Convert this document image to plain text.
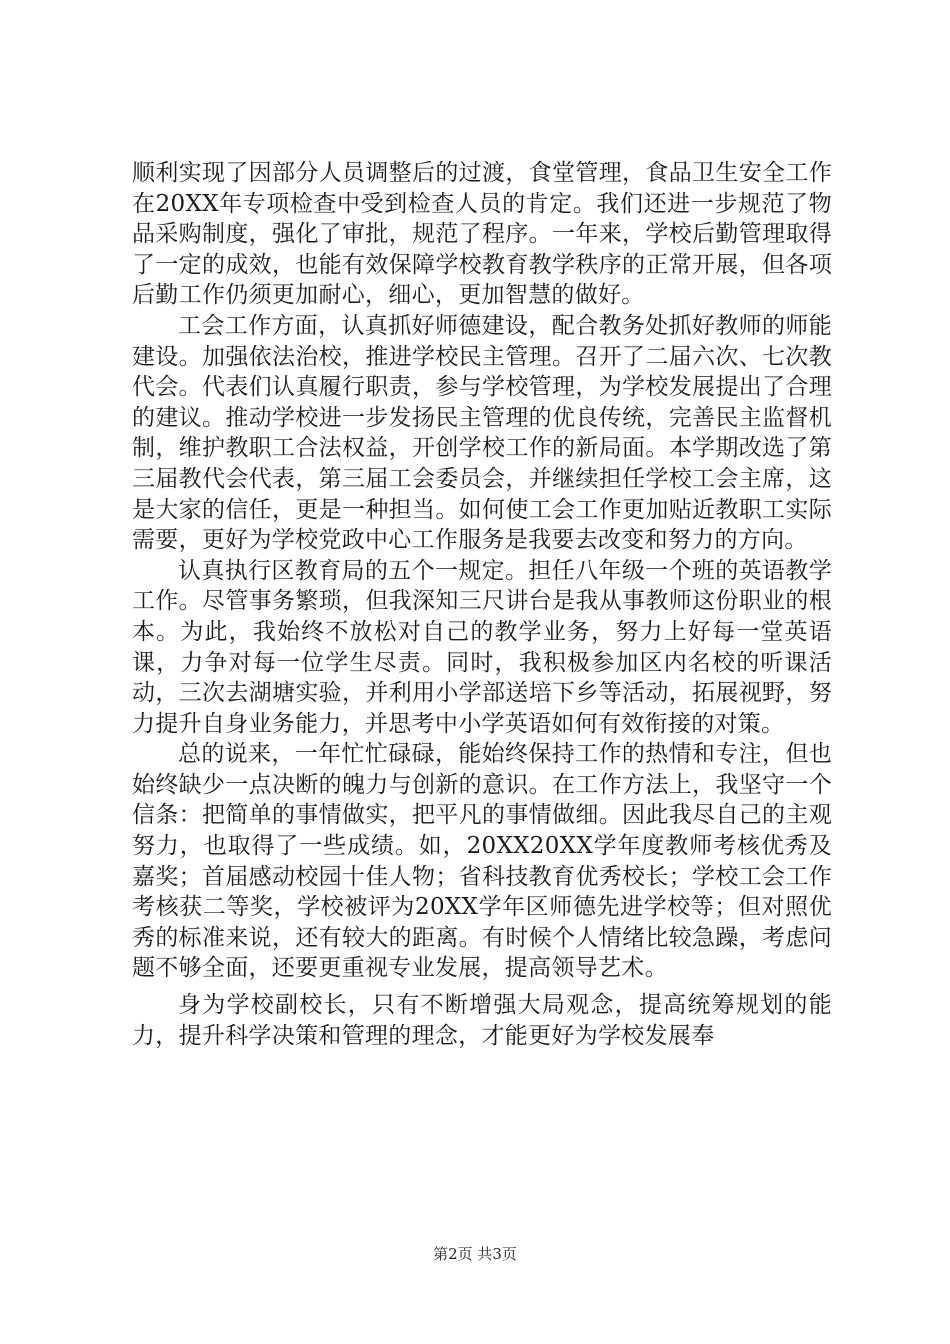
顺利实现了因部分人员调整后的过渡，食堂管理，食品卫生安全工作在20XX年专项检查中受到检查人员的肯定。我们还进一步规范了物品采购制度，强化了审批，规范了程序。一年来，学校后勤管理取得了一定的成效，也能有效保障学校教育教学秩序的正常开展，但各项后勤工作仍须更加耐心，细心，更加智慧的做好。

工会工作方面，认真抓好师德建设，配合教务处抓好教师的师能建设。加强依法治校，推进学校民主管理。召开了二届六次、七次教代会。代表们认真履行职责，参与学校管理，为学校发展提出了合理的建议。推动学校进一步发扬民主管理的优良传统，完善民主监督机制，维护教职工合法权益，开创学校工作的新局面。本学期改选了第三届教代会代表，第三届工会委员会，并继续担任学校工会主席，这是大家的信任，更是一种担当。如何使工会工作更加贴近教职工实际需要，更好为学校党政中心工作服务是我要去改变和努力的方向。

认真执行区教育局的五个一规定。担任八年级一个班的英语教学工作。尽管事务繁琐，但我深知三尺讲台是我从事教师这份职业的根本。为此，我始终不放松对自己的教学业务，努力上好每一堂英语课，力争对每一位学生尽责。同时，我积极参加区内名校的听课活动，三次去湖塘实验，并利用小学部送培下乡等活动，拓展视野，努力提升自身业务能力，并思考中小学英语如何有效衔接的对策。

总的说来，一年忙忙碌碌，能始终保持工作的热情和专注，但也始终缺少一点决断的魄力与创新的意识。在工作方法上，我坚守一个信条：把简单的事情做实，把平凡的事情做细。因此我尽自己的主观努力，也取得了一些成绩。如，20XX20XX学年度教师考核优秀及嘉奖；首届感动校园十佳人物；省科技教育优秀校长；学校工会工作考核获二等奖，学校被评为20XX学年区师德先进学校等；但对照优秀的标准来说，还有较大的距离。有时候个人情绪比较急躁，考虑问题不够全面，还要更重视专业发展，提高领导艺术。

身为学校副校长，只有不断增强大局观念，提高统筹规划的能力，提升科学决策和管理的理念，才能更好为学校发展奉

第2页 共3页
